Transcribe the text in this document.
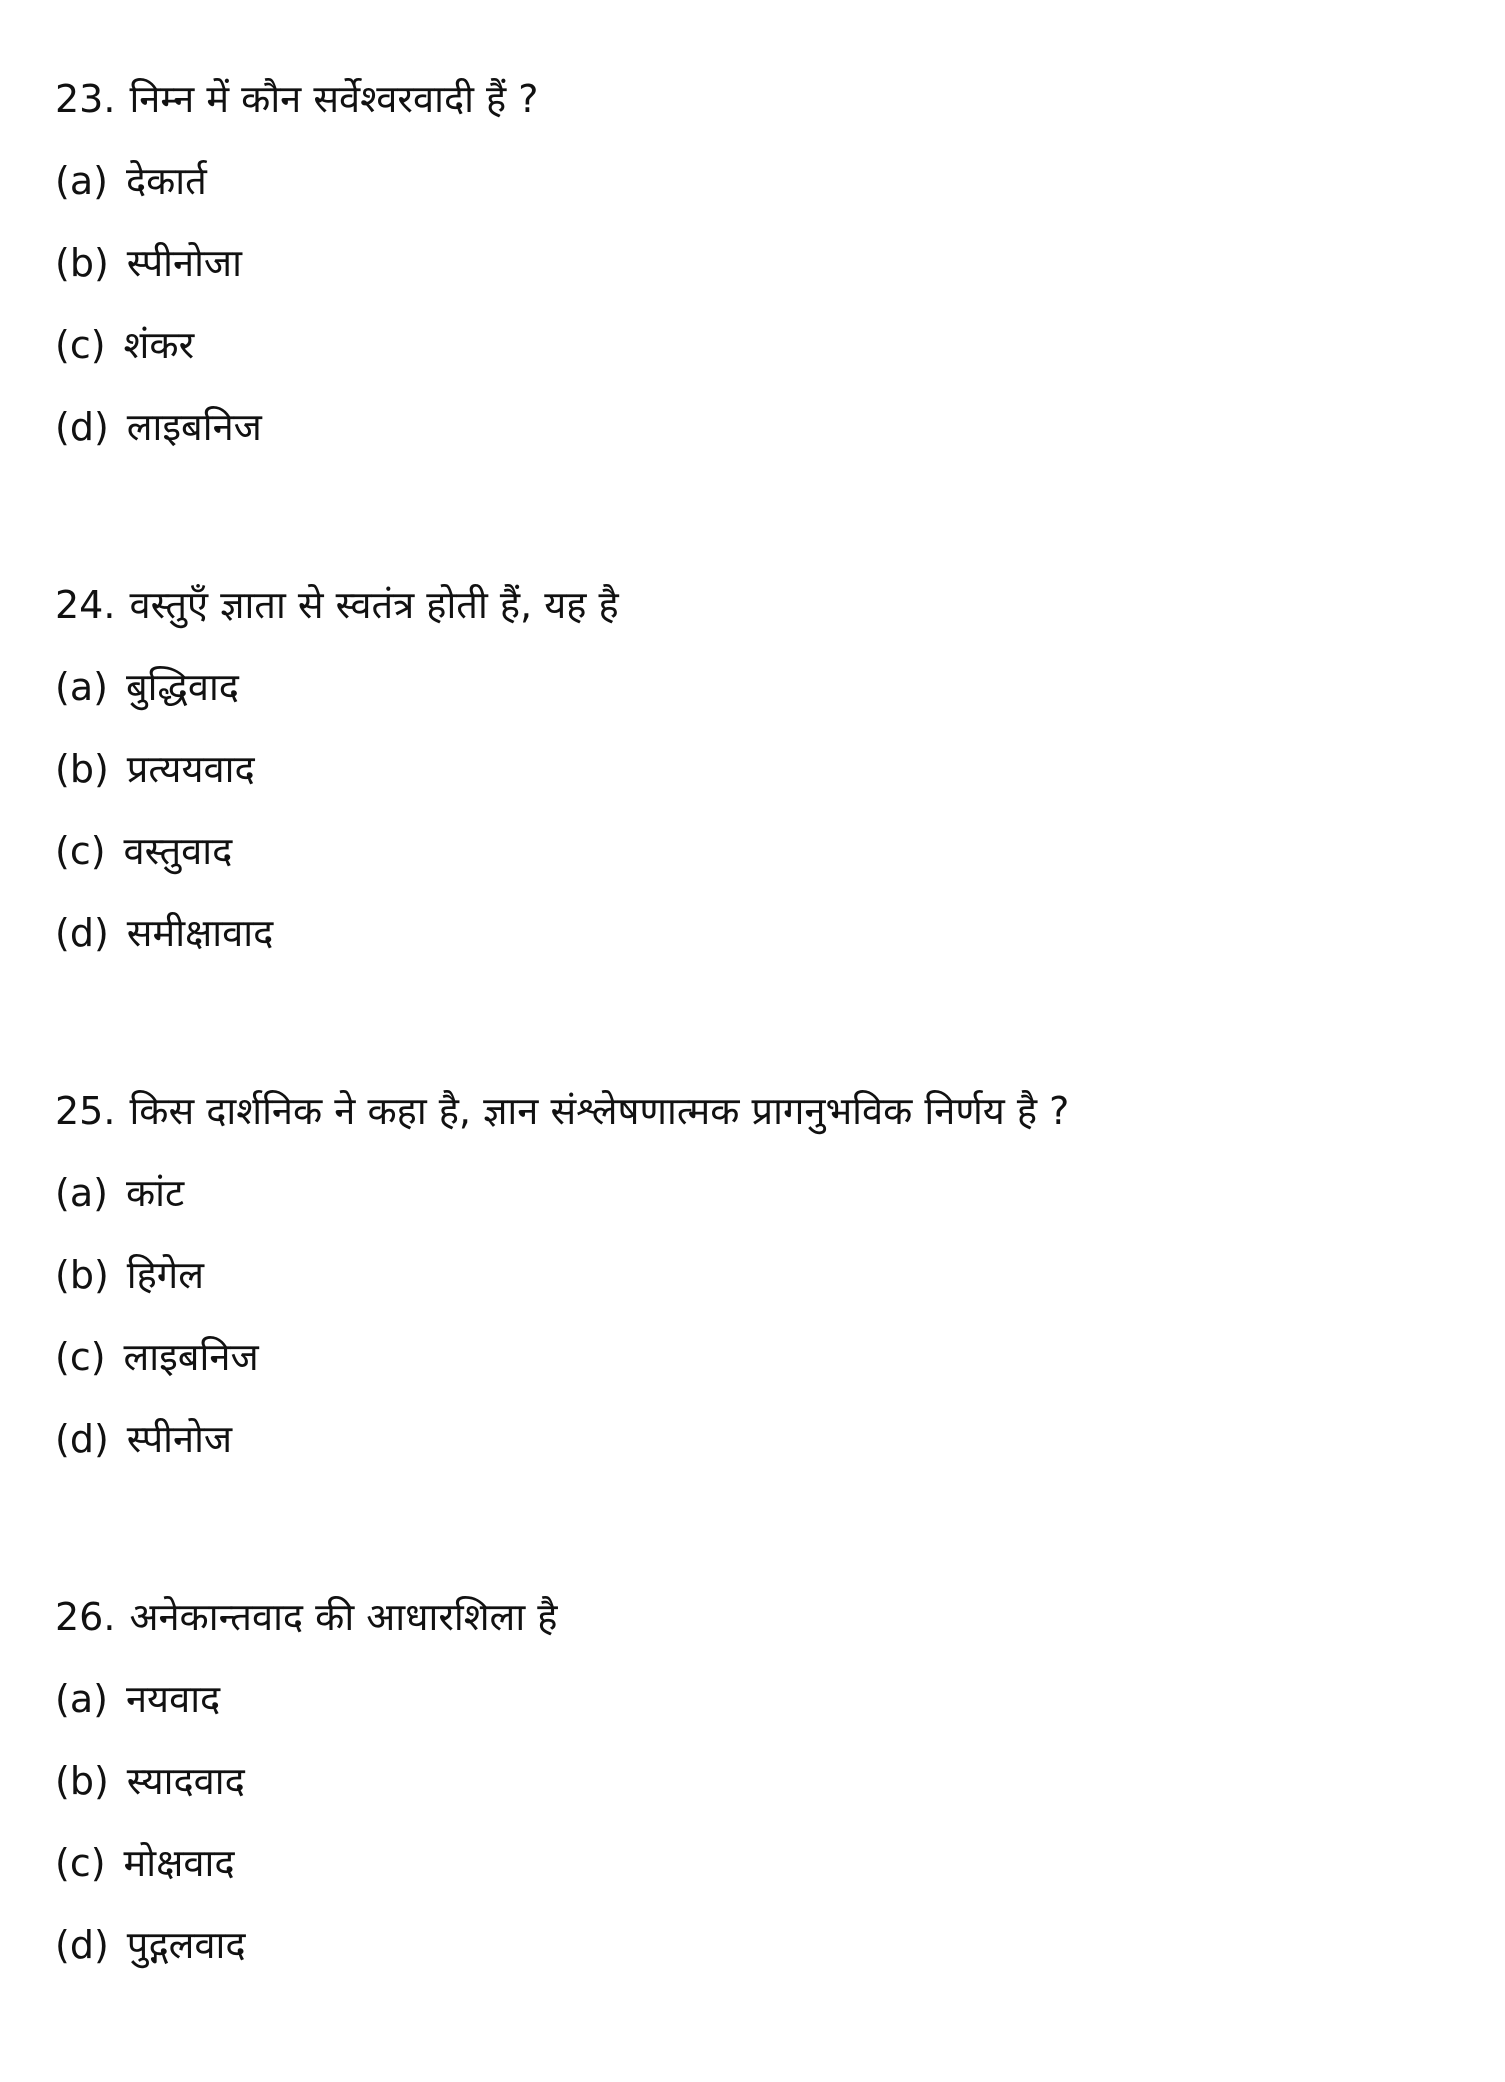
23. निम्न में कौन सर्वेश्वरवादी हैं ?
(a) देकार्त
(b) स्पीनोजा
(c) शंकर
(d) लाइबनिज
24. वस्तुएँ ज्ञाता से स्वतंत्र होती हैं, यह है
(a) बुद्धिवाद
(b) प्रत्ययवाद
(c) वस्तुवाद
(d) समीक्षावाद
25. किस दार्शनिक ने कहा है, ज्ञान संश्लेषणात्मक प्रागनुभविक निर्णय है ?
(a) कांट
(b) हिगेल
(c) लाइबनिज
(d) स्पीनोज
26. अनेकान्तवाद की आधारशिला है
(a) नयवाद
(b) स्यादवाद
(c) मोक्षवाद
(d) पुद्गलवाद
